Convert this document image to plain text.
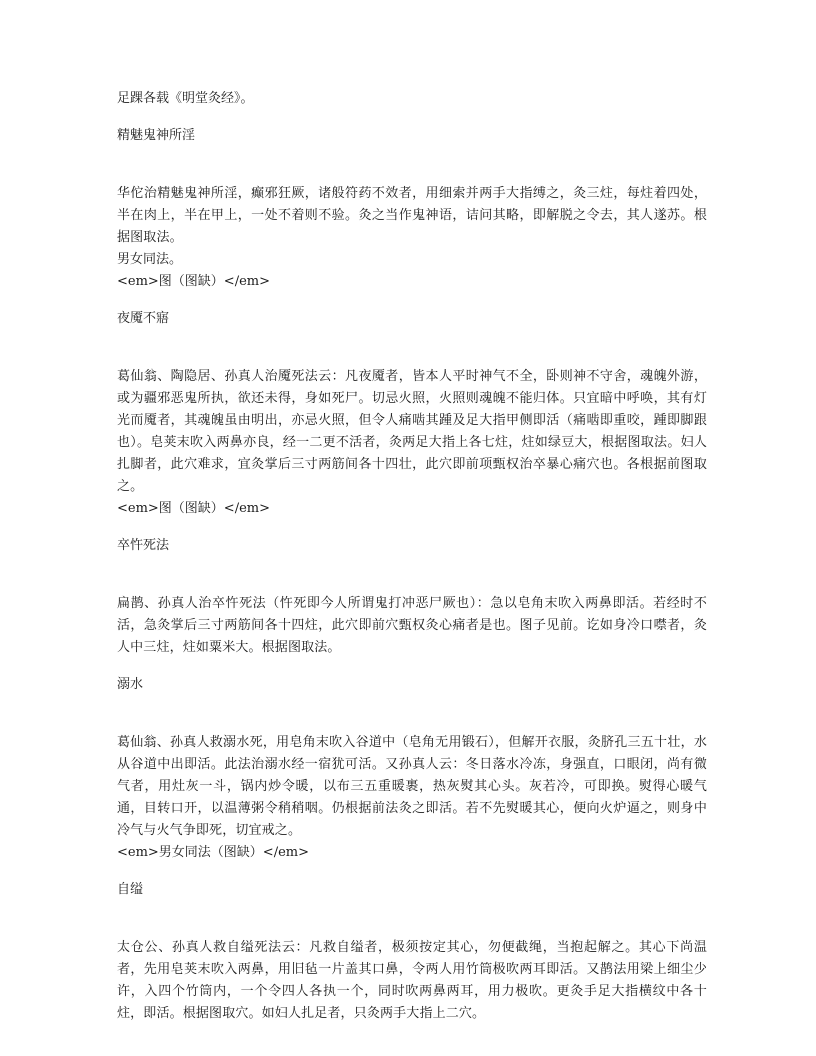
足踝各载《明堂灸经》。

精魅鬼神所淫

华佗治精魅鬼神所淫，癫邪狂厥，诸般符药不效者，用细索并两手大指缚之，灸三炷，每炷着四处，半在肉上，半在甲上，一处不着则不验。灸之当作鬼神语，诘问其略，即解脱之令去，其人遂苏。根据图取法。

男女同法。

<em>图（图缺）</em>

夜魇不寤

葛仙翁、陶隐居、孙真人治魇死法云：凡夜魇者，皆本人平时神气不全，卧则神不守舍，魂魄外游，或为疆邪恶鬼所执，欲还未得，身如死尸。切忌火照，火照则魂魄不能归体。只宜暗中呼唤，其有灯光而魇者，其魂魄虽由明出，亦忌火照，但令人痛啮其踵及足大指甲侧即活（痛啮即重咬，踵即脚跟也）。皂荚末吹入两鼻亦良，经一二更不活者，灸两足大指上各七炷，炷如绿豆大，根据图取法。妇人扎脚者，此穴难求，宜灸掌后三寸两筋间各十四壮，此穴即前项甄权治卒暴心痛穴也。各根据前图取之。

<em>图（图缺）</em>

卒忤死法

扁鹊、孙真人治卒忤死法（忤死即今人所谓鬼打冲恶尸厥也）：急以皂角末吹入两鼻即活。若经时不活，急灸掌后三寸两筋间各十四炷，此穴即前穴甄权灸心痛者是也。图子见前。讫如身冷口噤者，灸人中三炷，炷如粟米大。根据图取法。

溺水

葛仙翁、孙真人救溺水死，用皂角末吹入谷道中（皂角无用锻石），但解开衣服，灸脐孔三五十壮，水从谷道中出即活。此法治溺水经一宿犹可活。又孙真人云：冬日落水冷冻，身强直，口眼闭，尚有微气者，用灶灰一斗，锅内炒令暖，以布三五重暖裹，热灰熨其心头。灰若冷，可即换。熨得心暖气通，目转口开，以温薄粥令稍稍咽。仍根据前法灸之即活。若不先熨暖其心，便向火炉逼之，则身中冷气与火气争即死，切宜戒之。

<em>男女同法（图缺）</em>

自缢

太仓公、孙真人救自缢死法云：凡救自缢者，极须按定其心，勿便截绳，当抱起解之。其心下尚温者，先用皂荚末吹入两鼻，用旧毡一片盖其口鼻，令两人用竹筒极吹两耳即活。又鹊法用梁上细尘少许，入四个竹筒内，一个令四人各执一个，同时吹两鼻两耳，用力极吹。更灸手足大指横纹中各十炷，即活。根据图取穴。如妇人扎足者，只灸两手大指上二穴。
